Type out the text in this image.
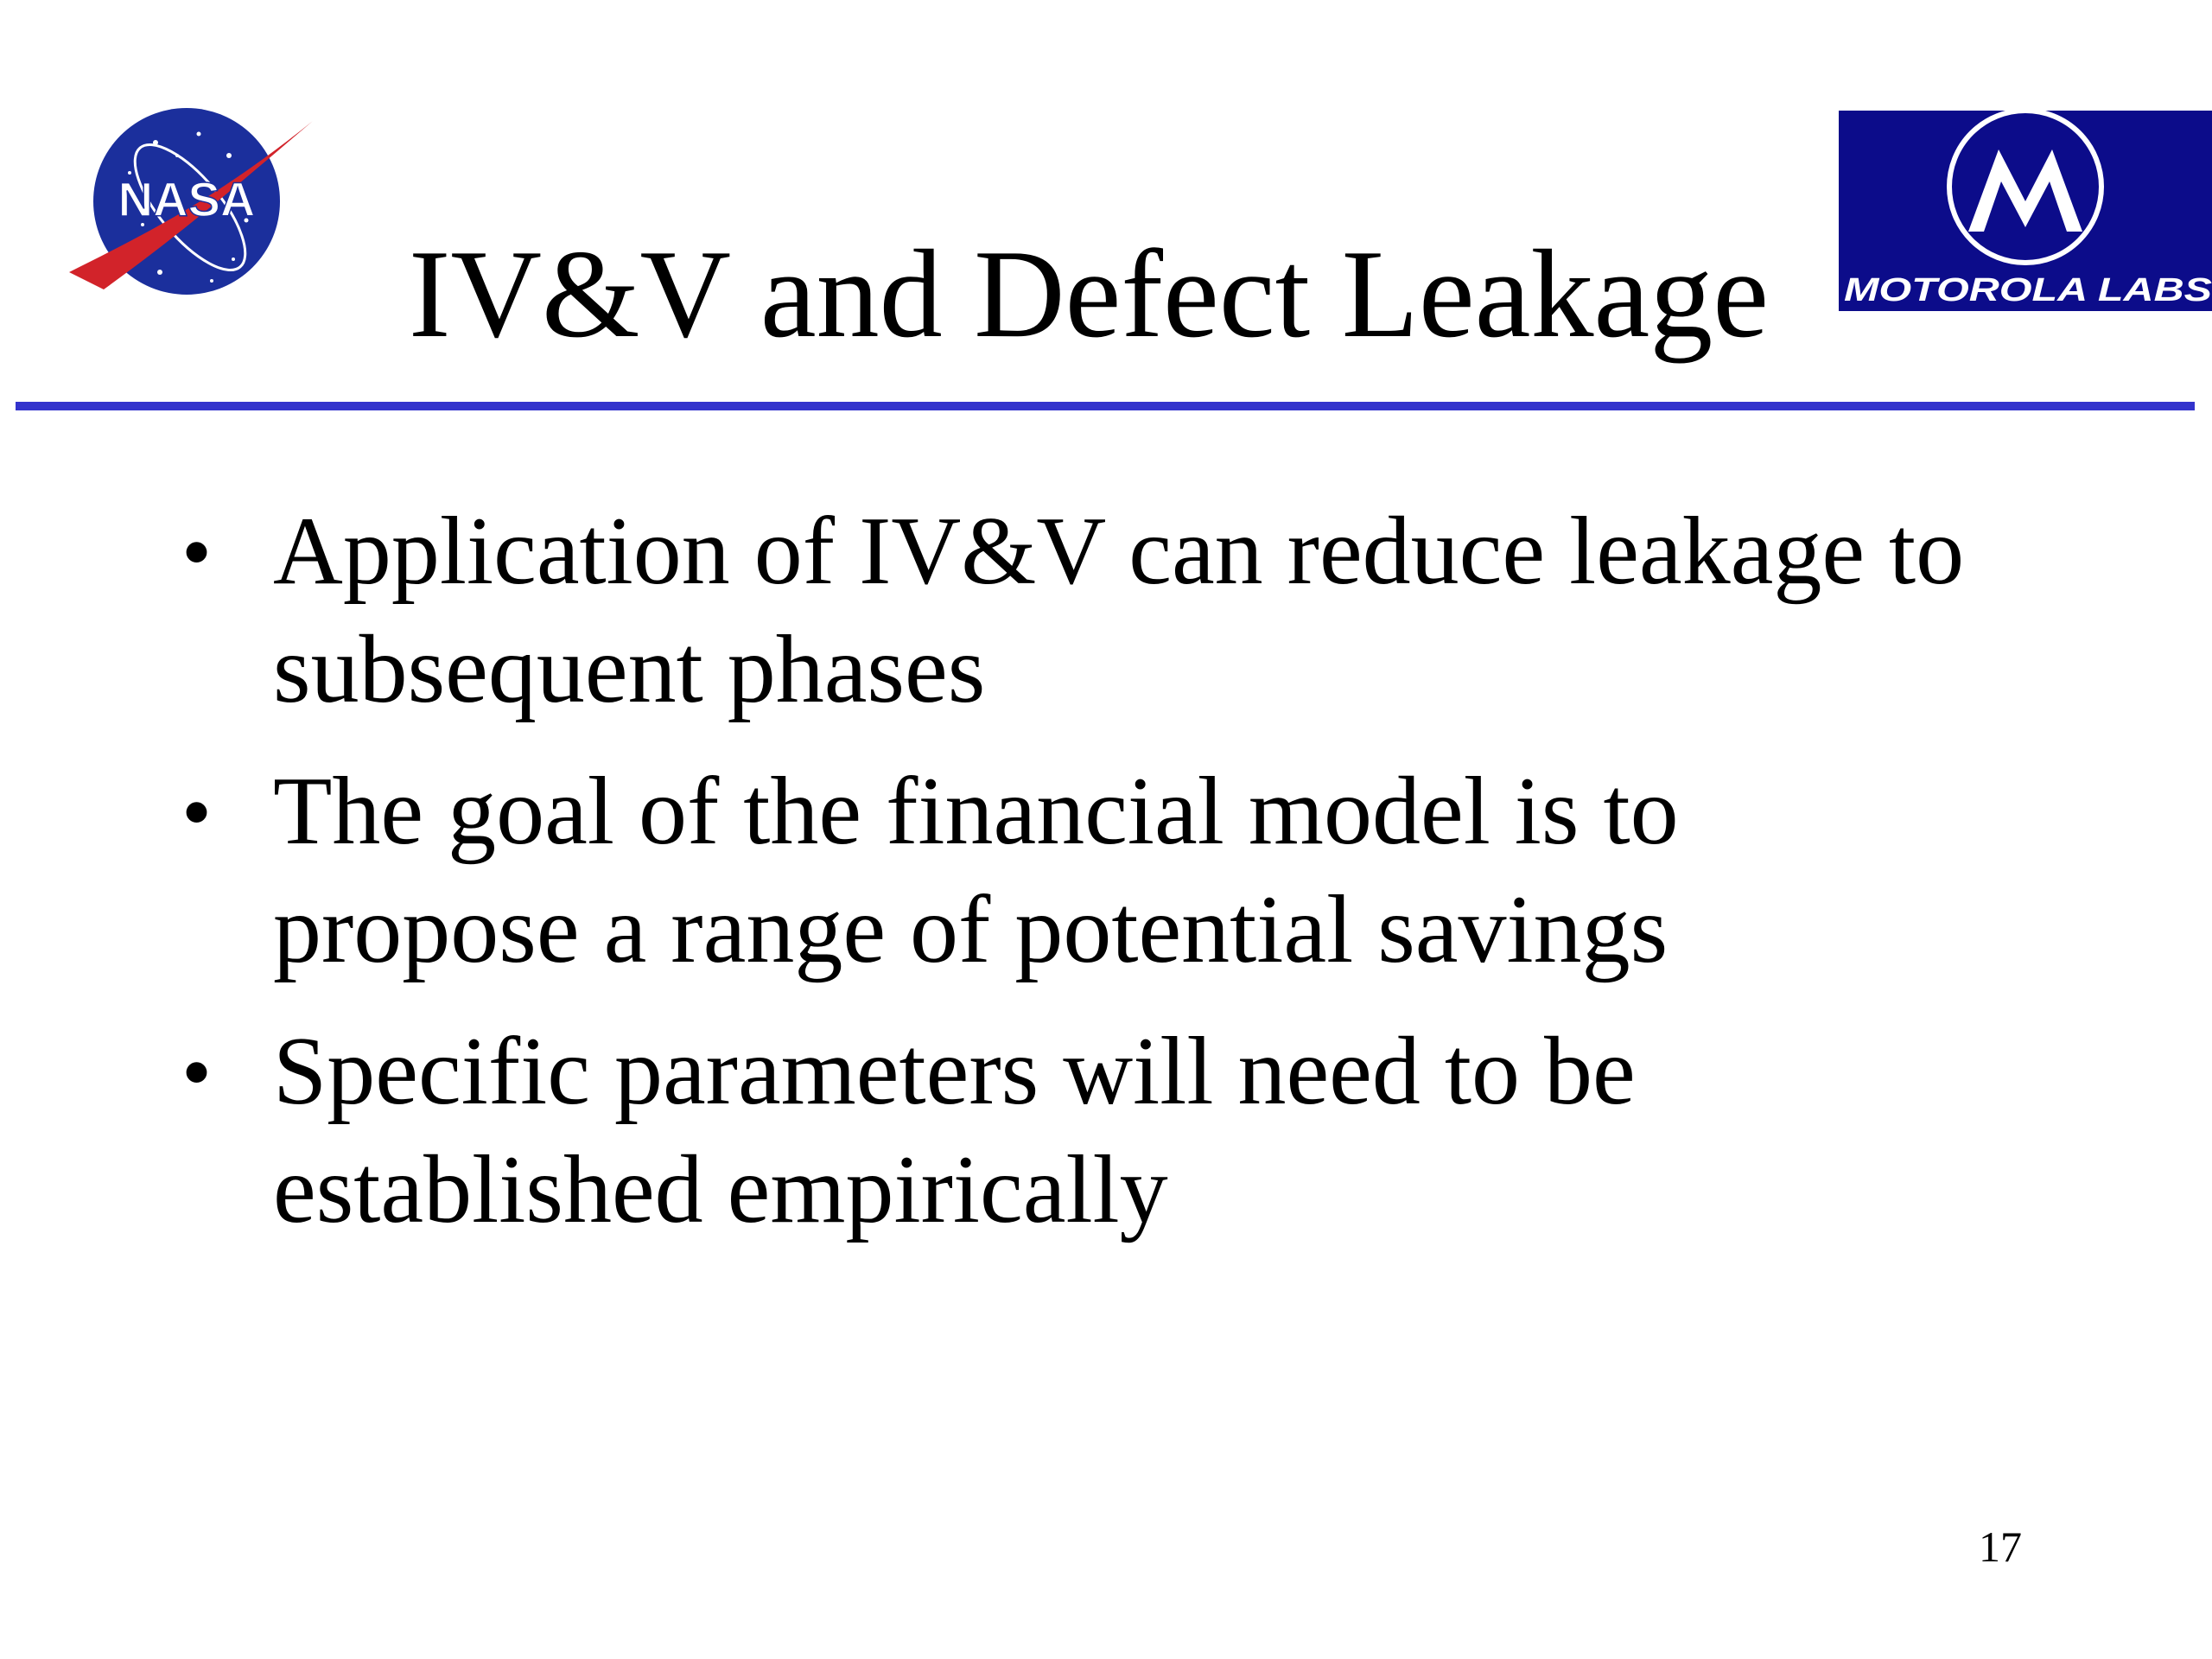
NASA
MOTOROLA LABS
IV&V and Defect Leakage
• Application of IV&V can reduce leakage to
subsequent phases
• The goal of the financial model is to
propose a range of potential savings
• Specific parameters will need to be
established empirically
17
